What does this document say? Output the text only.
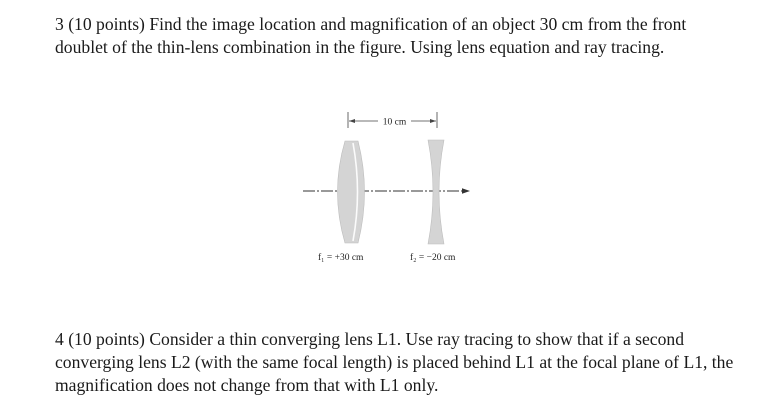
3 (10 points) Find the image location and magnification of an object 30 cm from the front
doublet of the thin-lens combination in the figure. Using lens equation and ray tracing.
10 cm
f₁ = +30 cm	f₂ = −20 cm
4 (10 points) Consider a thin converging lens L1. Use ray tracing to show that if a second
converging lens L2 (with the same focal length) is placed behind L1 at the focal plane of L1, the
magnification does not change from that with L1 only.
